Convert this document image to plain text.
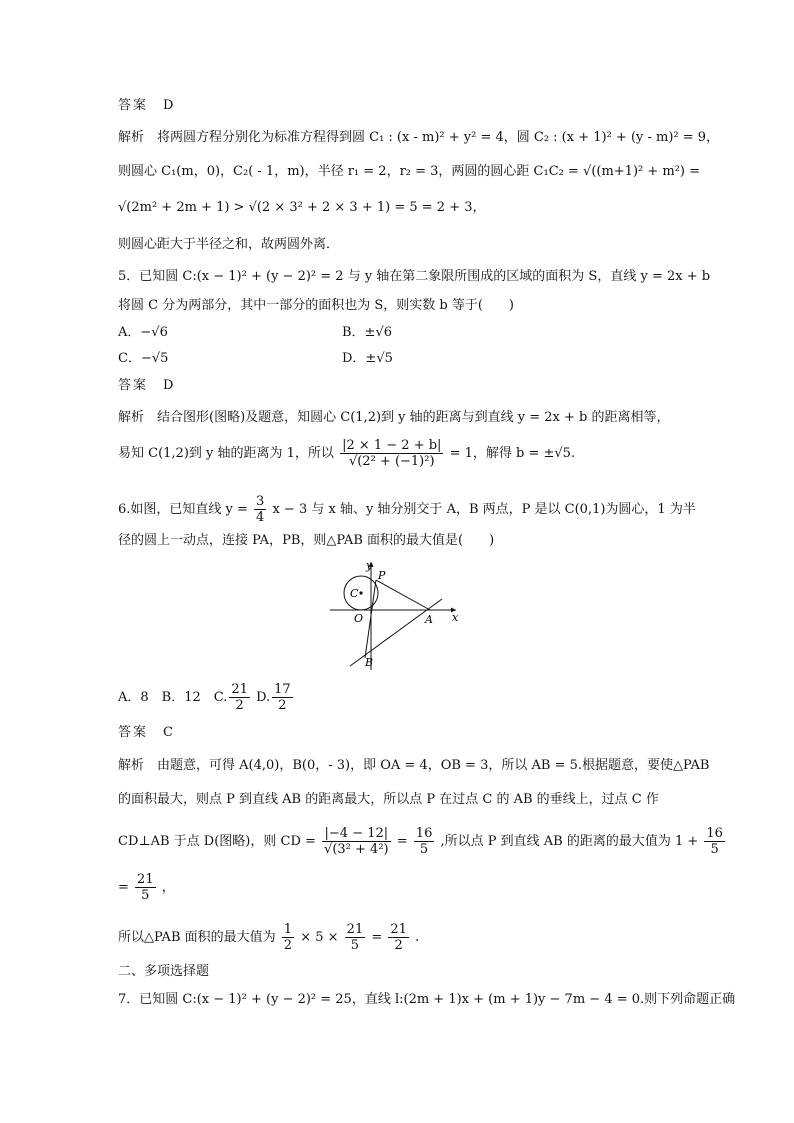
答案　D
解析　将两圆方程分别化为标准方程得到圆 C₁ : (x - m)² + y² = 4，圆 C₂ : (x + 1)² + (y - m)² = 9，
则圆心 C₁(m，0)，C₂( - 1，m)，半径 r₁ = 2，r₂ = 3，两圆的圆心距 C₁C₂ = √((m+1)² + m²) =
√(2m² + 2m + 1) > √(2 × 3² + 2 × 3 + 1) = 5 = 2 + 3，
则圆心距大于半径之和，故两圆外离．
5．已知圆 C:(x − 1)² + (y − 2)² = 2 与 y 轴在第二象限所围成的区域的面积为 S，直线 y = 2x + b
将圆 C 分为两部分，其中一部分的面积也为 S，则实数 b 等于(　　)
A．−√6	B．±√6
C．−√5	D．±√5
答案　D
解析　结合图形(图略)及题意，知圆心 C(1,2)到 y 轴的距离与到直线 y = 2x + b 的距离相等，
易知 C(1,2)到 y 轴的距离为 1，所以 $\frac{|2 \times 1 - 2 + b|}{\text{√(2² + (−1)²)}} = 1$，解得 b = ±√5.
6.如图，已知直线 $y = \frac{3}{4}$ x − 3 与 x 轴、y 轴分别交于 A，B 两点，P 是以 C(0,1)为圆心，1 为半
径的圆上一动点，连接 PA，PB，则△PAB 面积的最大值是(　　)
y
x
P
C
O	A
B
A．8　B．12　C. $\frac{21}{2} D$. $\frac{17}{2}$
答案　C
解析　由题意，可得 A(4,0)，B(0，- 3)，即 OA = 4，OB = 3，所以 AB = 5.根据题意，要使△PAB
的面积最大，则点 P 到直线 AB 的距离最大，所以点 P 在过点 C 的 AB 的垂线上，过点 C 作
CD⊥AB 于点 D(图略)，则 CD = $\frac{|-4 - 12|}{\text{√(3² + 4²)}} = \frac{16}{5}$ ,所以点 P 到直线 AB 的距离的最大值为 $1 + \frac{16}{5}$
= $\frac{21}{5}$ ，
所以△PAB 面积的最大值为 $\frac{1}{2} \times 5 \times \frac{21}{5} = \frac{21}{2}$ .
二、多项选择题
7．已知圆 C:(x − 1)² + (y − 2)² = 25，直线 l:(2m + 1)x + (m + 1)y − 7m − 4 = 0.则下列命题正确
